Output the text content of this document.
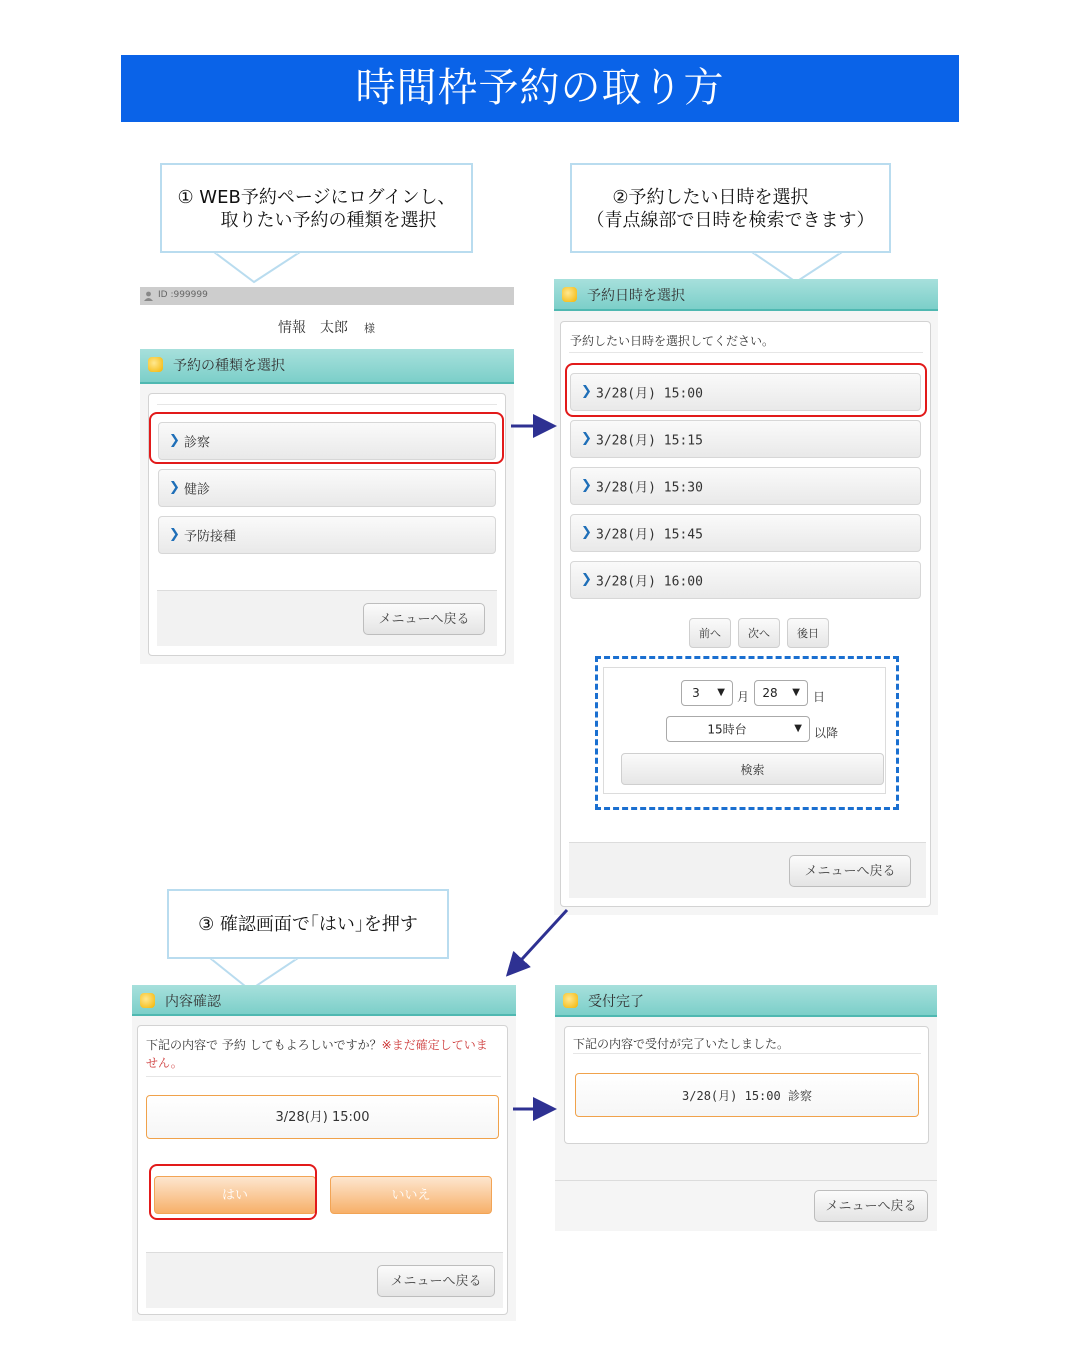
時間枠予約の取り方
① WEB予約ページにログインし、
取りたい予約の種類を選択
②予約したい日時を選択
（青点線部で日時を検索できます）
③ 確認画面で｢はい｣を押す
ID :999999
情報　太郎 様
予約の種類を選択
❯ 診察
❯ 健診
❯ 予防接種
メニューへ戻る
予約日時を選択
予約したい日時を選択してください。
❯ 3/28(月) 15:00
❯ 3/28(月) 15:15
❯ 3/28(月) 15:30
❯ 3/28(月) 15:45
❯ 3/28(月) 16:00
前へ	次へ	後日
3	▼ 月	28	▼ 日
15時台	▼ 以降
検索
メニューへ戻る
内容確認
下記の内容で 予約 してもよろしいですか？※まだ確定していま
せん。
3/28(月) 15:00
はい	いいえ
メニューへ戻る
受付完了
下記の内容で受付が完了いたしました。
3/28(月) 15:00 診察
メニューへ戻る
